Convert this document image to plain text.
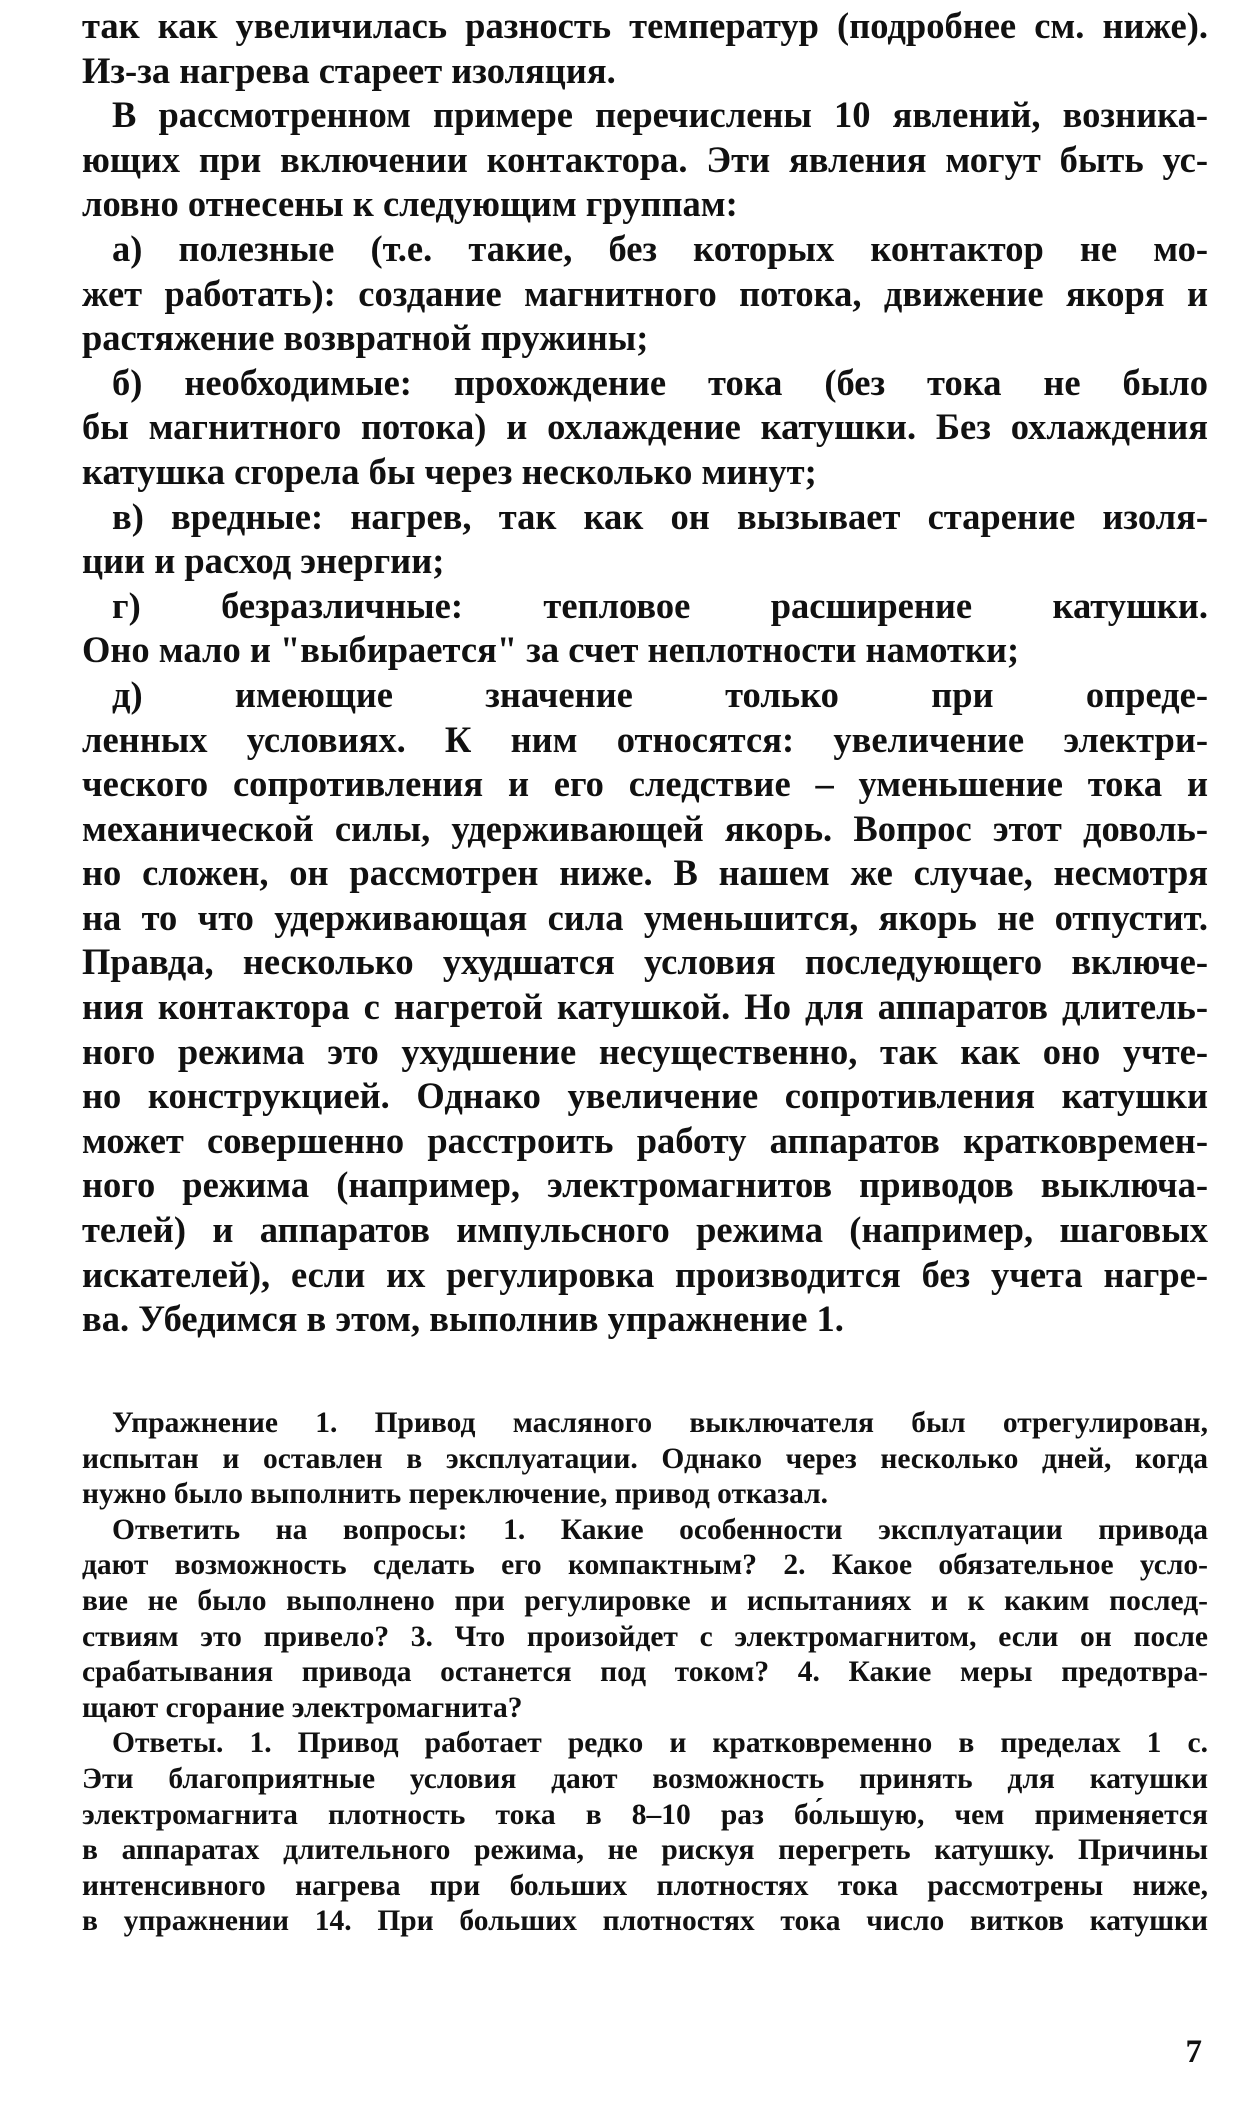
так как увеличилась разность температур (подробнее см. ниже).
Из-за нагрева стареет изоляция.
В рассмотренном примере перечислены 10 явлений, возника-
ющих при включении контактора. Эти явления могут быть ус-
ловно отнесены к следующим группам:
а) полезные (т.е. такие, без которых контактор не мо-
жет работать): создание магнитного потока, движение якоря и
растяжение возвратной пружины;
б) необходимые: прохождение тока (без тока не было
бы магнитного потока) и охлаждение катушки. Без охлаждения
катушка сгорела бы через несколько минут;
в) вредные: нагрев, так как он вызывает старение изоля-
ции и расход энергии;
г) безразличные: тепловое расширение катушки.
Оно мало и "выбирается" за счет неплотности намотки;
д) имеющие значение только при опреде-
ленных условиях. К ним относятся: увеличение электри-
ческого сопротивления и его следствие – уменьшение тока и
механической силы, удерживающей якорь. Вопрос этот доволь-
но сложен, он рассмотрен ниже. В нашем же случае, несмотря
на то что удерживающая сила уменьшится, якорь не отпустит.
Правда, несколько ухудшатся условия последующего включе-
ния контактора с нагретой катушкой. Но для аппаратов длитель-
ного режима это ухудшение несущественно, так как оно учте-
но конструкцией. Однако увеличение сопротивления катушки
может совершенно расстроить работу аппаратов кратковремен-
ного режима (например, электромагнитов приводов выключа-
телей) и аппаратов импульсного режима (например, шаговых
искателей), если их регулировка производится без учета нагре-
ва. Убедимся в этом, выполнив упражнение 1.
Упражнение 1. Привод масляного выключателя был отрегулирован,
испытан и оставлен в эксплуатации. Однако через несколько дней, когда
нужно было выполнить переключение, привод отказал.
Ответить на вопросы: 1. Какие особенности эксплуатации привода
дают возможность сделать его компактным? 2. Какое обязательное усло-
вие не было выполнено при регулировке и испытаниях и к каким послед-
ствиям это привело? 3. Что произойдет с электромагнитом, если он после
срабатывания привода останется под током? 4. Какие меры предотвра-
щают сгорание электромагнита?
Ответы. 1. Привод работает редко и кратковременно в пределах 1 с.
Эти благоприятные условия дают возможность принять для катушки
электромагнита плотность тока в 8–10 раз бо́льшую, чем применяется
в аппаратах длительного режима, не рискуя перегреть катушку. Причины
интенсивного нагрева при больших плотностях тока рассмотрены ниже,
в упражнении 14. При больших плотностях тока число витков катушки
7
